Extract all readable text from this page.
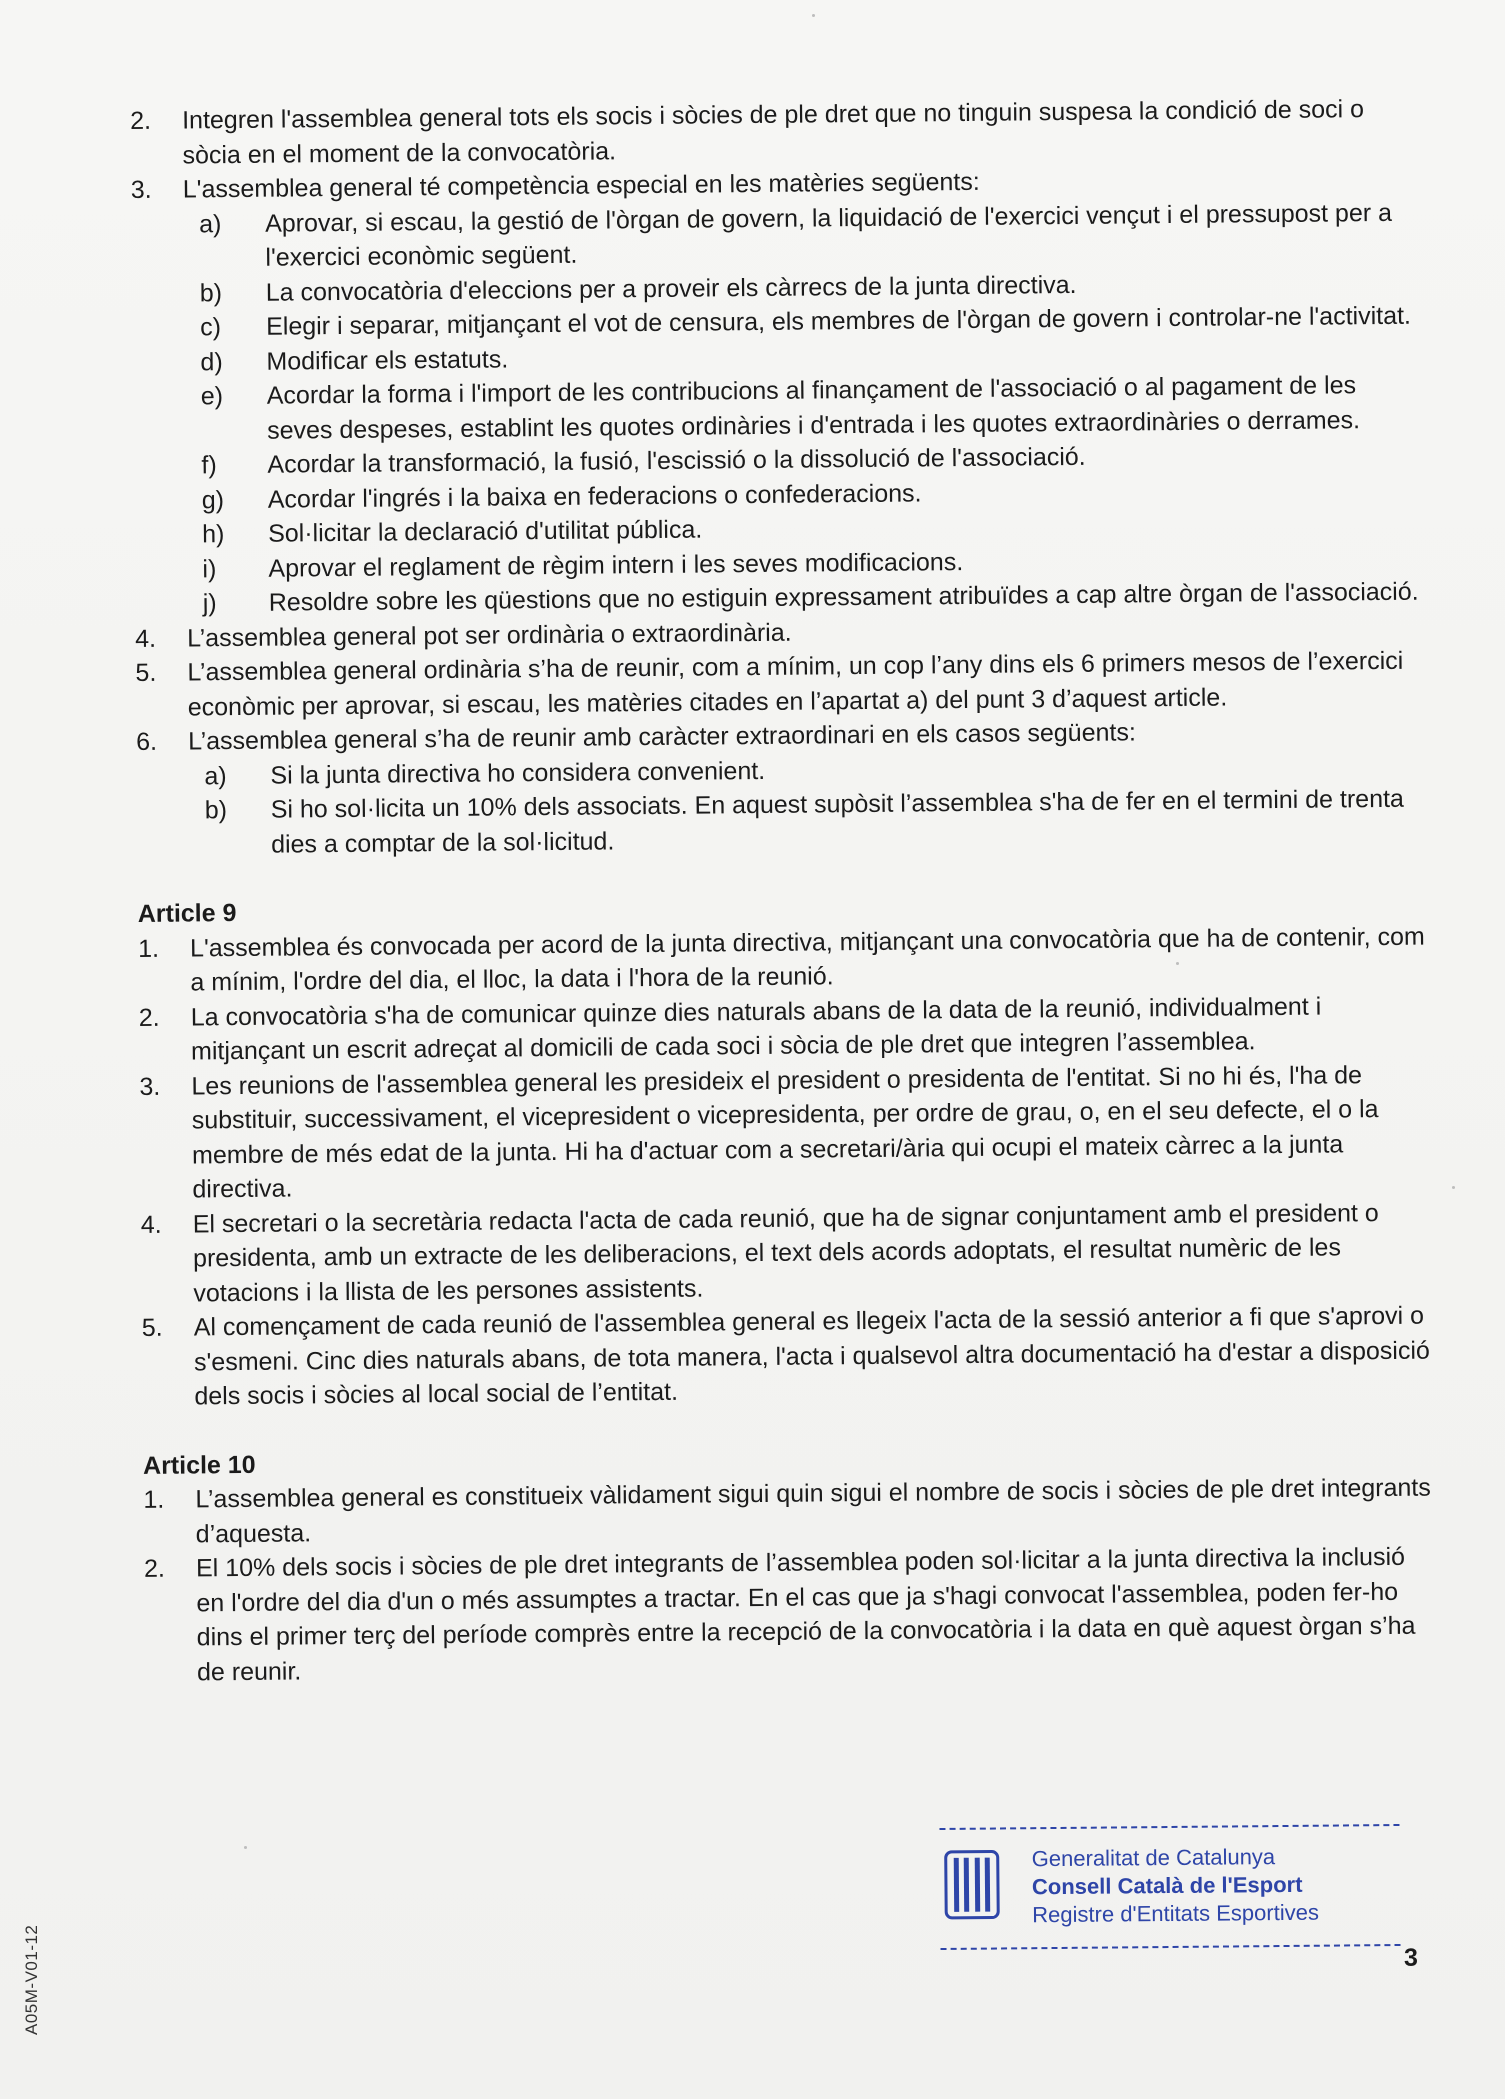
2. Integren l'assemblea general tots els socis i sòcies de ple dret que no tinguin suspesa la condició de soci o sòcia en el moment de la convocatòria.
3. L'assemblea general té competència especial en les matèries següents:
a) Aprovar, si escau, la gestió de l'òrgan de govern, la liquidació de l'exercici vençut i el pressupost per a l'exercici econòmic següent.
b) La convocatòria d'eleccions per a proveir els càrrecs de la junta directiva.
c) Elegir i separar, mitjançant el vot de censura, els membres de l'òrgan de govern i controlar-ne l'activitat.
d) Modificar els estatuts.
e) Acordar la forma i l'import de les contribucions al finançament de l'associació o al pagament de les seves despeses, establint les quotes ordinàries i d'entrada i les quotes extraordinàries o derrames.
f) Acordar la transformació, la fusió, l'escissió o la dissolució de l'associació.
g) Acordar l'ingrés i la baixa en federacions o confederacions.
h) Sol·licitar la declaració d'utilitat pública.
i) Aprovar el reglament de règim intern i les seves modificacions.
j) Resoldre sobre les qüestions que no estiguin expressament atribuïdes a cap altre òrgan de l'associació.
4. L’assemblea general pot ser ordinària o extraordinària.
5. L’assemblea general ordinària s’ha de reunir, com a mínim, un cop l’any dins els 6 primers mesos de l’exercici econòmic per aprovar, si escau, les matèries citades en l’apartat a) del punt 3 d’aquest article.
6. L’assemblea general s’ha de reunir amb caràcter extraordinari en els casos següents:
a) Si la junta directiva ho considera convenient.
b) Si ho sol·licita un 10% dels associats. En aquest supòsit l’assemblea s'ha de fer en el termini de trenta dies a comptar de la sol·licitud.
Article 9
1. L'assemblea és convocada per acord de la junta directiva, mitjançant una convocatòria que ha de contenir, com a mínim, l'ordre del dia, el lloc, la data i l'hora de la reunió.
2. La convocatòria s'ha de comunicar quinze dies naturals abans de la data de la reunió, individualment i mitjançant un escrit adreçat al domicili de cada soci i sòcia de ple dret que integren l’assemblea.
3. Les reunions de l'assemblea general les presideix el president o presidenta de l'entitat. Si no hi és, l'ha de substituir, successivament, el vicepresident o vicepresidenta, per ordre de grau, o, en el seu defecte, el o la membre de més edat de la junta. Hi ha d'actuar com a secretari/ària qui ocupi el mateix càrrec a la junta directiva.
4. El secretari o la secretària redacta l'acta de cada reunió, que ha de signar conjuntament amb el president o presidenta, amb un extracte de les deliberacions, el text dels acords adoptats, el resultat numèric de les votacions i la llista de les persones assistents.
5. Al començament de cada reunió de l'assemblea general es llegeix l'acta de la sessió anterior a fi que s'aprovi o s'esmeni. Cinc dies naturals abans, de tota manera, l'acta i qualsevol altra documentació ha d'estar a disposició dels socis i sòcies al local social de l’entitat.
Article 10
1. L’assemblea general es constitueix vàlidament sigui quin sigui el nombre de socis i sòcies de ple dret integrants d’aquesta.
2. El 10% dels socis i sòcies de ple dret integrants de l’assemblea poden sol·licitar a la junta directiva la inclusió en l'ordre del dia d'un o més assumptes a tractar. En el cas que ja s'hagi convocat l'assemblea, poden fer-ho dins el primer terç del període comprès entre la recepció de la convocatòria i la data en què aquest òrgan s’ha de reunir.
Generalitat de Catalunya
Consell Català de l'Esport
Registre d'Entitats Esportives
3
A05M-V01-12
